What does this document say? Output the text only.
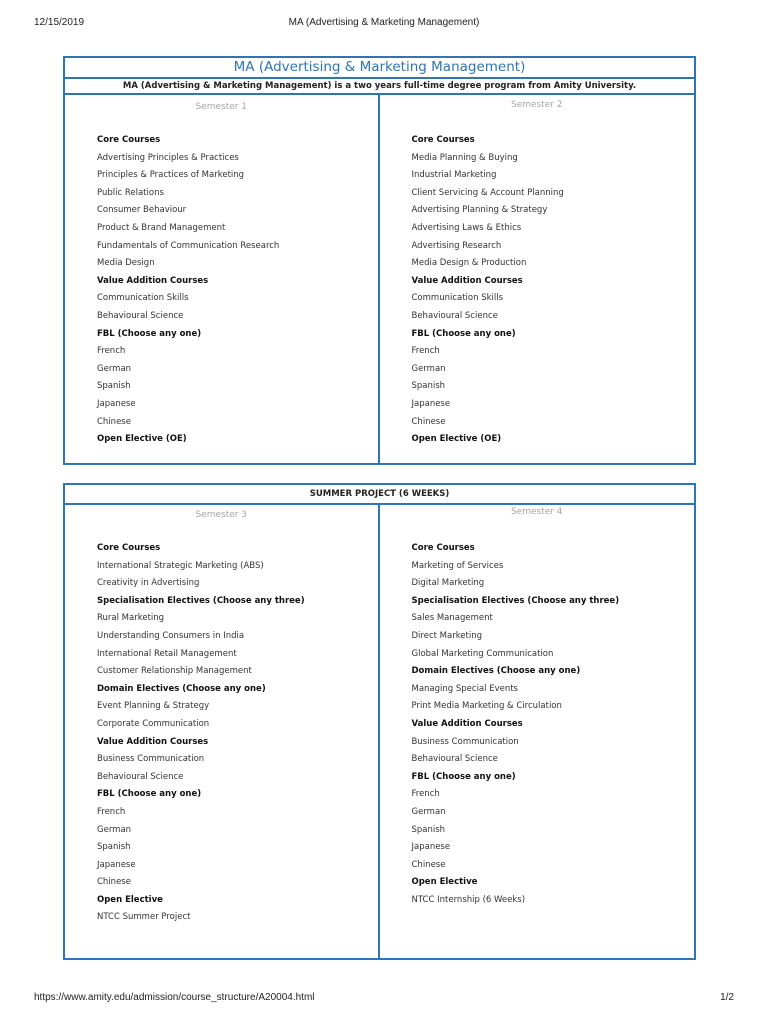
12/15/2019	MA (Advertising & Marketing Management)
MA (Advertising & Marketing Management)
MA (Advertising & Marketing Management) is a two years full-time degree program from Amity University.
Semester 1
Core Courses
Advertising Principles & Practices
Principles & Practices of Marketing
Public Relations
Consumer Behaviour
Product & Brand Management
Fundamentals of Communication Research
Media Design
Value Addition Courses
Communication Skills
Behavioural Science
FBL (Choose any one)
French
German
Spanish
Japanese
Chinese
Open Elective (OE)
Semester 2
Core Courses
Media Planning & Buying
Industrial Marketing
Client Servicing & Account Planning
Advertising Planning & Strategy
Advertising Laws & Ethics
Advertising Research
Media Design & Production
Value Addition Courses
Communication Skills
Behavioural Science
FBL (Choose any one)
French
German
Spanish
Japanese
Chinese
Open Elective (OE)
SUMMER PROJECT (6 WEEKS)
Semester 3
Core Courses
International Strategic Marketing (ABS)
Creativity in Advertising
Specialisation Electives (Choose any three)
Rural Marketing
Understanding Consumers in India
International Retail Management
Customer Relationship Management
Domain Electives (Choose any one)
Event Planning & Strategy
Corporate Communication
Value Addition Courses
Business Communication
Behavioural Science
FBL (Choose any one)
French
German
Spanish
Japanese
Chinese
Open Elective
NTCC Summer Project
Semester 4
Core Courses
Marketing of Services
Digital Marketing
Specialisation Electives (Choose any three)
Sales Management
Direct Marketing
Global Marketing Communication
Domain Electives (Choose any one)
Managing Special Events
Print Media Marketing & Circulation
Value Addition Courses
Business Communication
Behavioural Science
FBL (Choose any one)
French
German
Spanish
Japanese
Chinese
Open Elective
NTCC Internship (6 Weeks)
https://www.amity.edu/admission/course_structure/A20004.html	1/2
